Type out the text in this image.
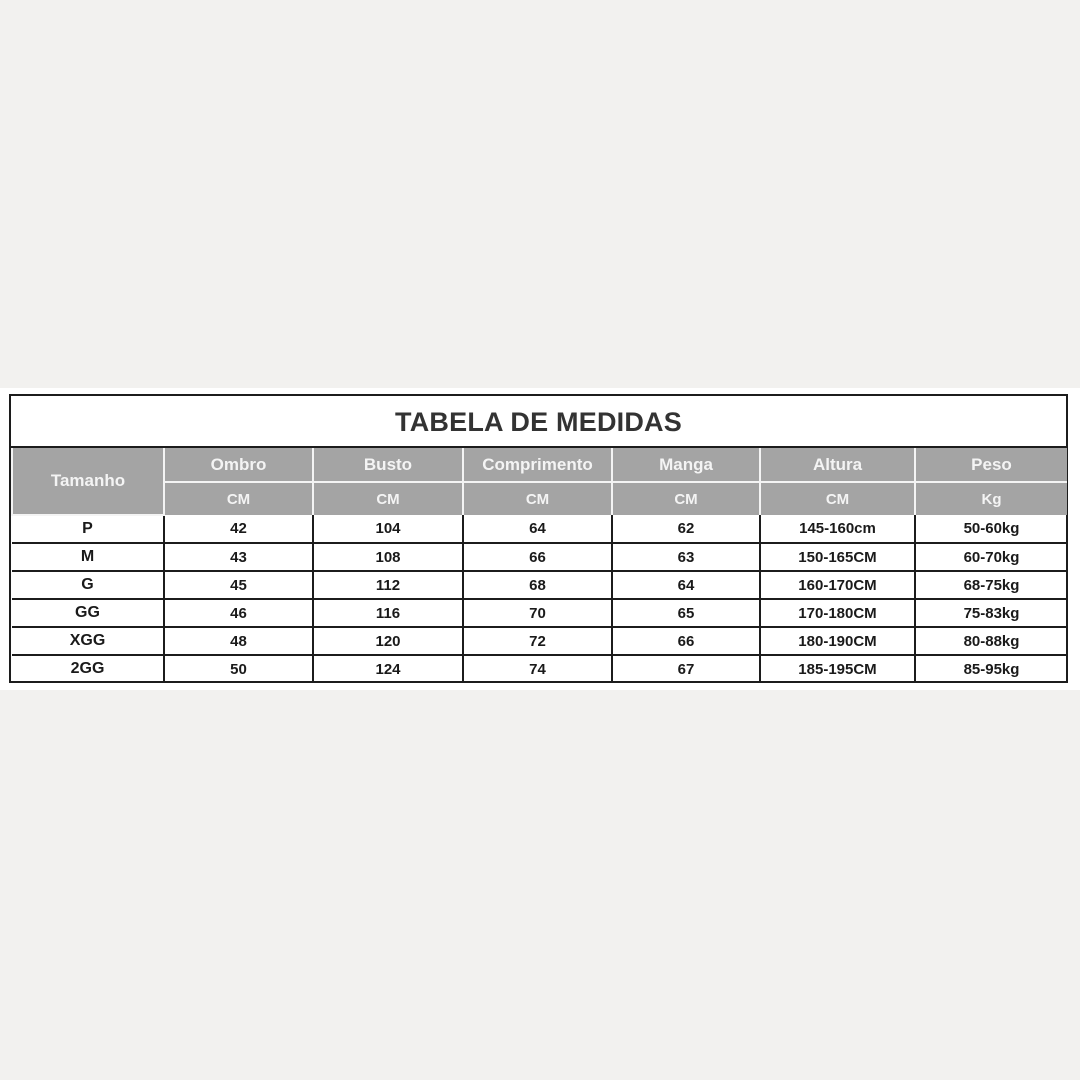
TABELA DE MEDIDAS
Tamanho	Ombro	Busto	Comprimento	Manga	Altura	Peso
	CM	CM	CM	CM	CM	Kg
P	42	104	64	62	145-160cm	50-60kg
M	43	108	66	63	150-165CM	60-70kg
G	45	112	68	64	160-170CM	68-75kg
GG	46	116	70	65	170-180CM	75-83kg
XGG	48	120	72	66	180-190CM	80-88kg
2GG	50	124	74	67	185-195CM	85-95kg
